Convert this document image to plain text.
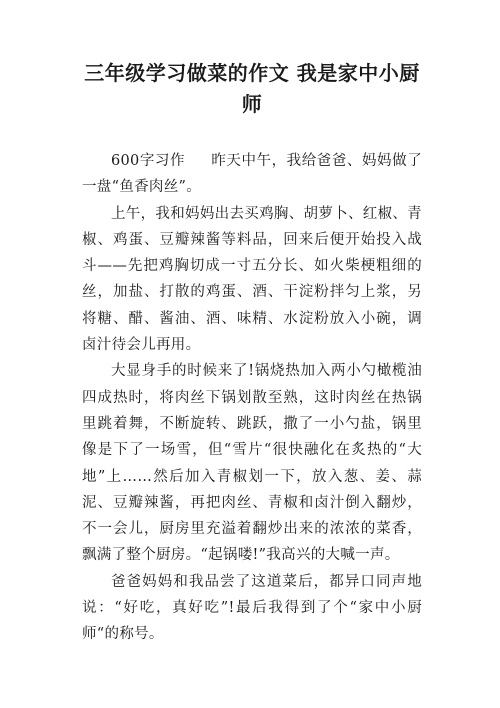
三年级学习做菜的作文 我是家中小厨师

600字习作 昨天中午，我给爸爸、妈妈做了一盘“鱼香肉丝”。

上午，我和妈妈出去买鸡胸、胡萝卜、红椒、青椒、鸡蛋、豆瓣辣酱等料品，回来后便开始投入战斗——先把鸡胸切成一寸五分长、如火柴梗粗细的丝，加盐、打散的鸡蛋、酒、干淀粉拌匀上浆，另将糖、醋、酱油、酒、味精、水淀粉放入小碗，调卤汁待会儿再用。

大显身手的时候来了!锅烧热加入两小勺橄榄油四成热时，将肉丝下锅划散至熟，这时肉丝在热锅里跳着舞，不断旋转、跳跃，撒了一小勺盐，锅里像是下了一场雪，但“雪片“很快融化在炙热的“大地”上……然后加入青椒划一下，放入葱、姜、蒜泥、豆瓣辣酱，再把肉丝、青椒和卤汁倒入翻炒，不一会儿，厨房里充溢着翻炒出来的浓浓的菜香，飘满了整个厨房。“起锅喽!”我高兴的大喊一声。

爸爸妈妈和我品尝了这道菜后，都异口同声地说：“好吃，真好吃”!最后我得到了个“家中小厨师“的称号。
